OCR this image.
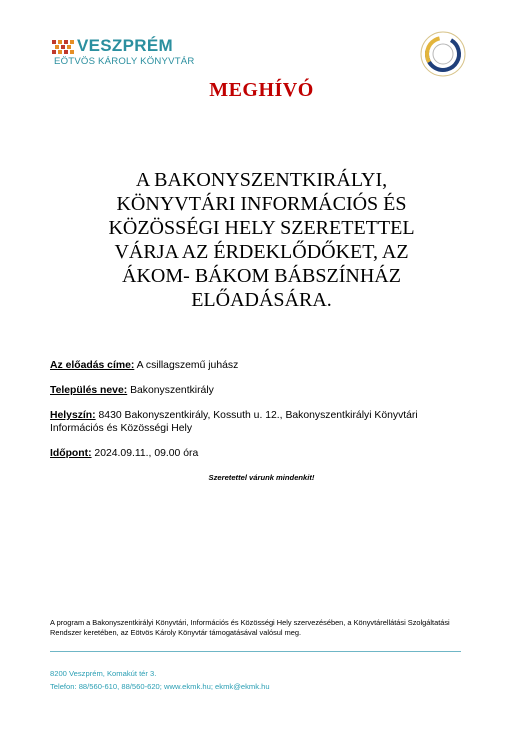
VESZPRÉM
EÖTVÖS KÁROLY KÖNYVTÁR
MEGHÍVÓ
A BAKONYSZENTKIRÁLYI,
KÖNYVTÁRI INFORMÁCIÓS ÉS
KÖZÖSSÉGI HELY SZERETETTEL
VÁRJA AZ ÉRDEKLŐDŐKET, AZ
ÁKOM- BÁKOM BÁBSZÍNHÁZ
ELŐADÁSÁRA.
Az előadás címe: A csillagszemű juhász
Település neve: Bakonyszentkirály
Helyszín: 8430 Bakonyszentkirály, Kossuth u. 12., Bakonyszentkirályi Könyvtári Információs és Közösségi Hely
Időpont: 2024.09.11., 09.00 óra
Szeretettel várunk mindenkit!
A program a Bakonyszentkirályi Könyvtári, Információs és Közösségi Hely szervezésében, a Könyvtárellátási Szolgáltatási Rendszer keretében, az Eötvös Károly Könyvtár támogatásával valósul meg.
8200 Veszprém, Komakút tér 3.
Telefon: 88/560-610, 88/560-620; www.ekmk.hu; ekmk@ekmk.hu
